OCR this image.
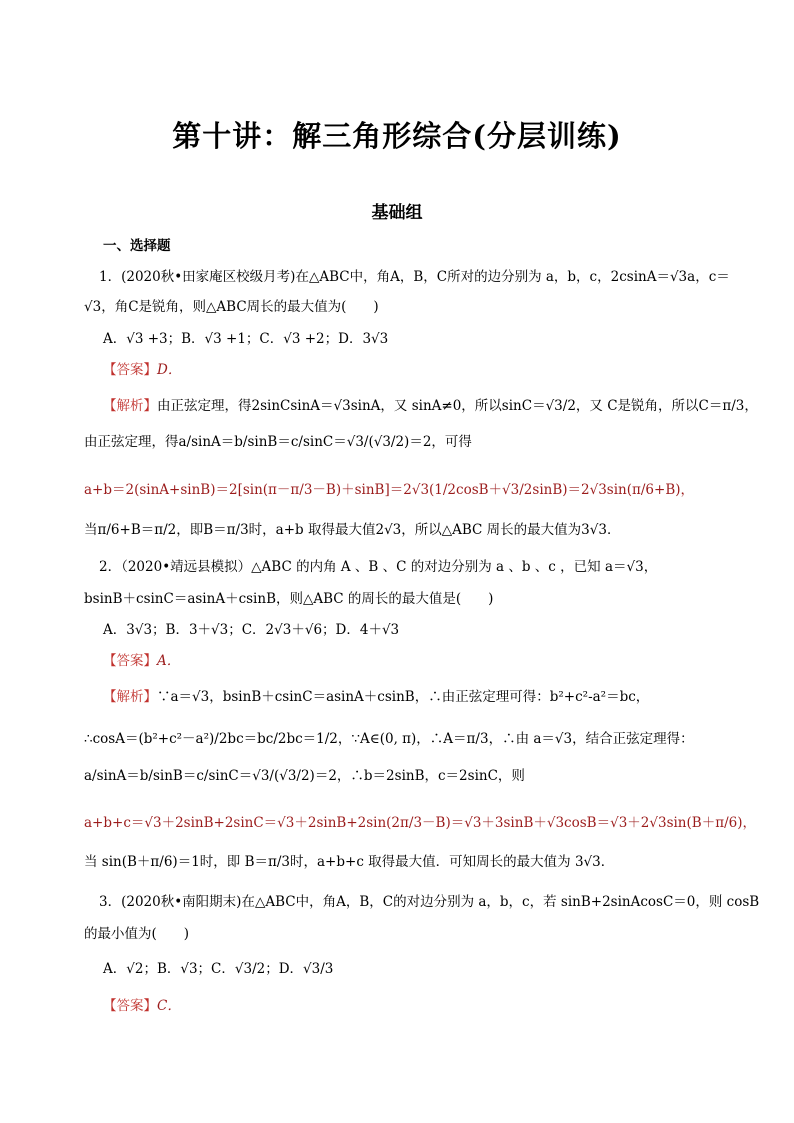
第十讲：解三角形综合(分层训练)
基础组
一、选择题
1．(2020秋•田家庵区校级月考)在△ABC中，角A，B，C所对的边分别为 a，b，c，2csinA＝√3a，c＝
√3，角C是锐角，则△ABC周长的最大值为(　　)
A．√3 +3；B．√3 +1；C．√3 +2；D．3√3
【答案】D．
【解析】由正弦定理，得2sinCsinA＝√3sinA，又 sinA≠0，所以sinC＝√3/2，又 C是锐角，所以C＝π/3，
由正弦定理，得a/sinA＝b/sinB＝c/sinC＝√3/(√3/2)＝2，可得
a+b＝2(sinA+sinB)＝2[sin(π－π/3－B)＋sinB]＝2√3(1/2cosB＋√3/2sinB)＝2√3sin(π/6+B)，
当π/6+B＝π/2，即B＝π/3时，a+b 取得最大值2√3，所以△ABC 周长的最大值为3√3．
2．（2020•靖远县模拟）△ABC 的内角 A 、B 、C 的对边分别为 a 、b 、c ，已知 a＝√3，
bsinB＋csinC＝asinA＋csinB，则△ABC 的周长的最大值是(　　)
A．3√3；B．3＋√3；C．2√3＋√6；D．4＋√3
【答案】A．
【解析】∵a＝√3，bsinB＋csinC＝asinA＋csinB，∴由正弦定理可得：b²+c²-a²＝bc，
∴cosA＝(b²+c²－a²)/2bc＝bc/2bc＝1/2，∵A∈(0, π)，∴A＝π/3，∴由 a＝√3，结合正弦定理得：
a/sinA＝b/sinB＝c/sinC＝√3/(√3/2)＝2，∴b＝2sinB，c＝2sinC，则
a+b+c＝√3＋2sinB+2sinC＝√3＋2sinB+2sin(2π/3－B)＝√3＋3sinB＋√3cosB＝√3＋2√3sin(B＋π/6)，
当 sin(B＋π/6)＝1时，即 B＝π/3时，a+b+c 取得最大值．可知周长的最大值为 3√3．
3．(2020秋•南阳期末)在△ABC中，角A，B，C的对边分别为 a，b，c，若 sinB+2sinAcosC＝0，则 cosB
的最小值为(　　)
A．√2；B．√3；C．√3/2；D．√3/3
【答案】C．
